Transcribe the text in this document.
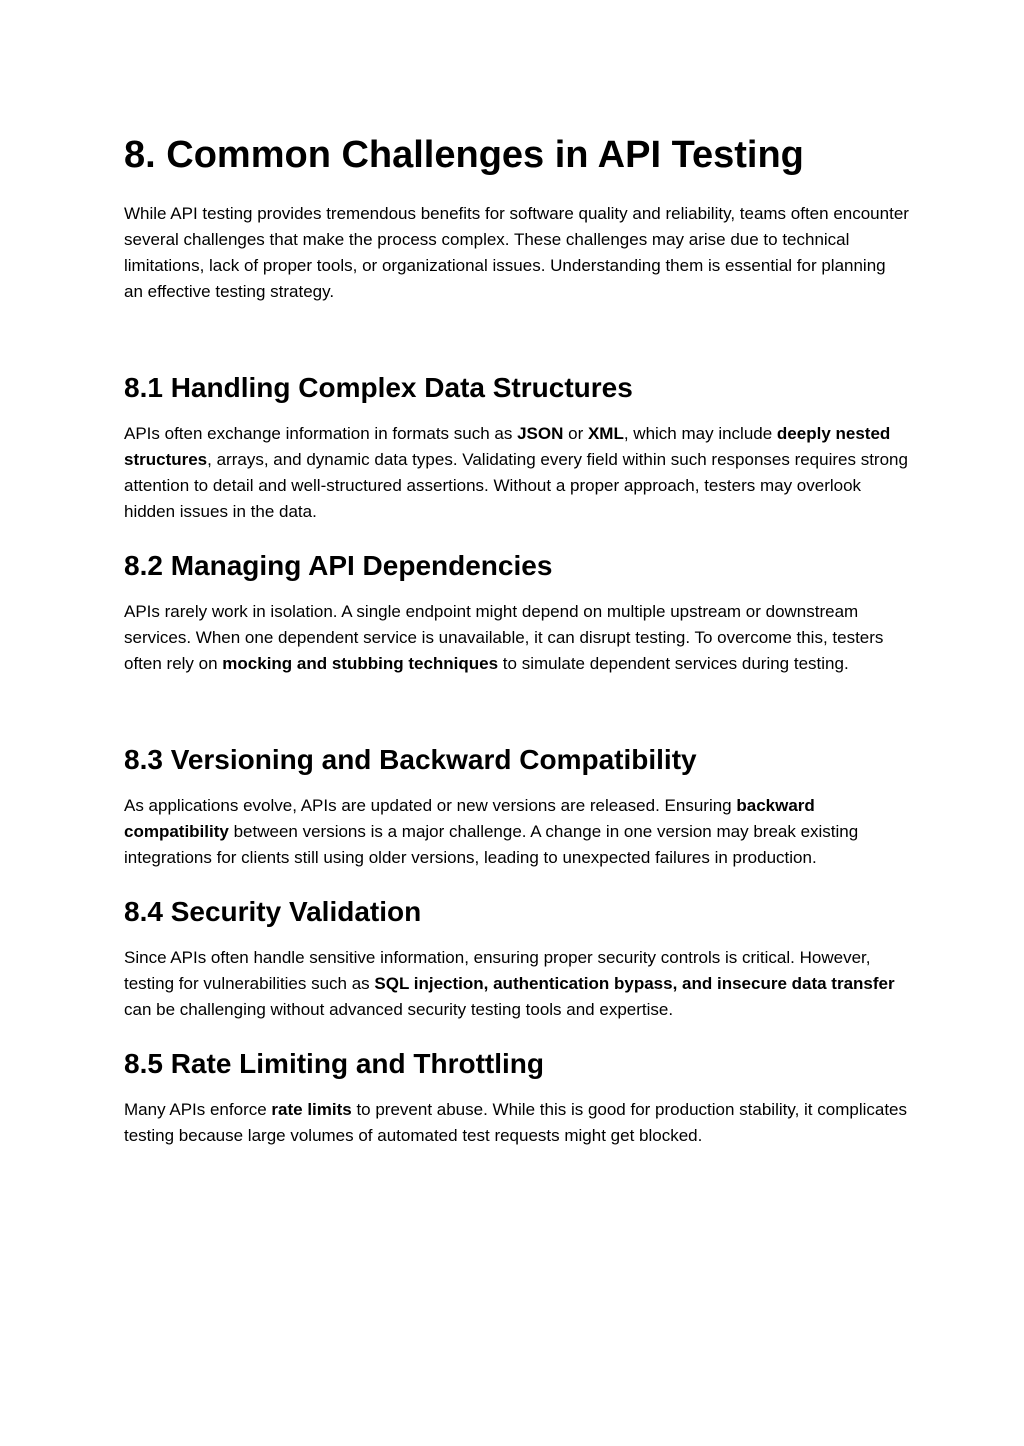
8. Common Challenges in API Testing

While API testing provides tremendous benefits for software quality and reliability, teams often encounter several challenges that make the process complex. These challenges may arise due to technical limitations, lack of proper tools, or organizational issues. Understanding them is essential for planning an effective testing strategy.

8.1 Handling Complex Data Structures

APIs often exchange information in formats such as JSON or XML, which may include deeply nested structures, arrays, and dynamic data types. Validating every field within such responses requires strong attention to detail and well-structured assertions. Without a proper approach, testers may overlook hidden issues in the data.

8.2 Managing API Dependencies

APIs rarely work in isolation. A single endpoint might depend on multiple upstream or downstream services. When one dependent service is unavailable, it can disrupt testing. To overcome this, testers often rely on mocking and stubbing techniques to simulate dependent services during testing.

8.3 Versioning and Backward Compatibility

As applications evolve, APIs are updated or new versions are released. Ensuring backward compatibility between versions is a major challenge. A change in one version may break existing integrations for clients still using older versions, leading to unexpected failures in production.

8.4 Security Validation

Since APIs often handle sensitive information, ensuring proper security controls is critical. However, testing for vulnerabilities such as SQL injection, authentication bypass, and insecure data transfer can be challenging without advanced security testing tools and expertise.

8.5 Rate Limiting and Throttling

Many APIs enforce rate limits to prevent abuse. While this is good for production stability, it complicates testing because large volumes of automated test requests might get blocked.
